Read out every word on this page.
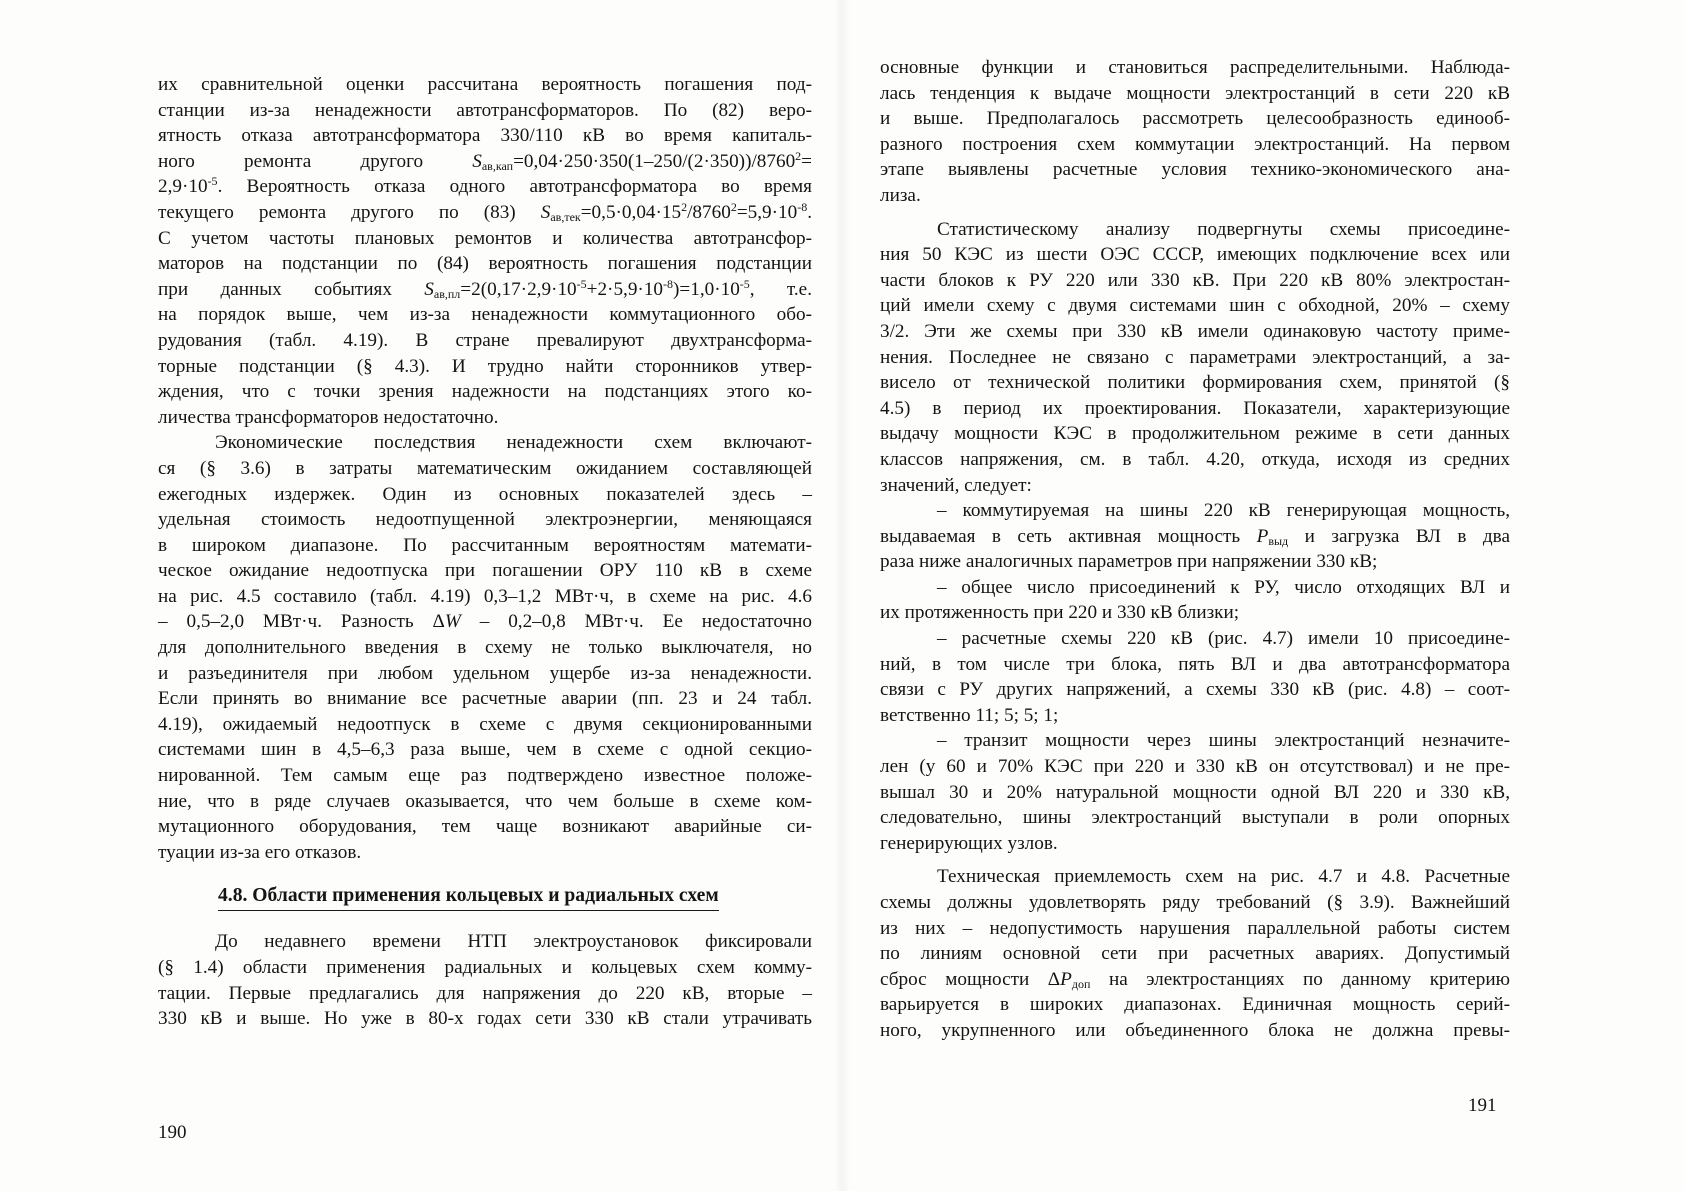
их сравнительной оценки рассчитана вероятность погашения под-

станции из-за ненадежности автотрансформаторов. По (82) веро-

ятность отказа автотрансформатора 330/110 кВ во время капиталь-

ного ремонта другого $S_{ав,кап}=0,04\cdot 250\cdot 350(1-250/(2\cdot 350))/8760^2=$

$2,9\cdot 10^{-5}$. Вероятность отказа одного автотрансформатора во время

текущего ремонта другого по (83) $S_{ав,тек}=0,5\cdot 0,04\cdot 15^2/8760^2=5,9\cdot 10^{-8}$.

С учетом частоты плановых ремонтов и количества автотрансфор-

маторов на подстанции по (84) вероятность погашения подстанции

при данных событиях $S_{ав,пл}=2(0,17\cdot 2,9\cdot 10^{-5}+2\cdot 5,9\cdot 10^{-8})=1,0\cdot 10^{-5}$, т.е.

на порядок выше, чем из-за ненадежности коммутационного обо-

рудования (табл. 4.19). В стране превалируют двухтрансформа-

торные подстанции (§ 4.3). И трудно найти сторонников утвер-

ждения, что с точки зрения надежности на подстанциях этого ко-

личества трансформаторов недостаточно.

Экономические последствия ненадежности схем включают-

ся (§ 3.6) в затраты математическим ожиданием составляющей

ежегодных издержек. Один из основных показателей здесь –

удельная стоимость недоотпущенной электроэнергии, меняющаяся

в широком диапазоне. По рассчитанным вероятностям математи-

ческое ожидание недоотпуска при погашении ОРУ 110 кВ в схеме

на рис. 4.5 составило (табл. 4.19) 0,3–1,2 МВт·ч, в схеме на рис. 4.6

– 0,5–2,0 МВт·ч. Разность ΔW – 0,2–0,8 МВт·ч. Ее недостаточно

для дополнительного введения в схему не только выключателя, но

и разъединителя при любом удельном ущербе из-за ненадежности.

Если принять во внимание все расчетные аварии (пп. 23 и 24 табл.

4.19), ожидаемый недоотпуск в схеме с двумя секционированными

системами шин в 4,5–6,3 раза выше, чем в схеме с одной секцио-

нированной. Тем самым еще раз подтверждено известное положе-

ние, что в ряде случаев оказывается, что чем больше в схеме ком-

мутационного оборудования, тем чаще возникают аварийные си-

туации из-за его отказов.

4.8. Области применения кольцевых и радиальных схем

До недавнего времени НТП электроустановок фиксировали

(§ 1.4) области применения радиальных и кольцевых схем комму-

тации. Первые предлагались для напряжения до 220 кВ, вторые –

330 кВ и выше. Но уже в 80-х годах сети 330 кВ стали утрачивать

190

основные функции и становиться распределительными. Наблюда-

лась тенденция к выдаче мощности электростанций в сети 220 кВ

и выше. Предполагалось рассмотреть целесообразность единооб-

разного построения схем коммутации электростанций. На первом

этапе выявлены расчетные условия технико-экономического ана-

лиза.

Статистическому анализу подвергнуты схемы присоедине-

ния 50 КЭС из шести ОЭС СССР, имеющих подключение всех или

части блоков к РУ 220 или 330 кВ. При 220 кВ 80% электростан-

ций имели схему с двумя системами шин с обходной, 20% – схему

3/2. Эти же схемы при 330 кВ имели одинаковую частоту приме-

нения. Последнее не связано с параметрами электростанций, а за-

висело от технической политики формирования схем, принятой (§

4.5) в период их проектирования. Показатели, характеризующие

выдачу мощности КЭС в продолжительном режиме в сети данных

классов напряжения, см. в табл. 4.20, откуда, исходя из средних

значений, следует:

– коммутируемая на шины 220 кВ генерирующая мощность,

выдаваемая в сеть активная мощность $P_{выд}$ и загрузка ВЛ в два

раза ниже аналогичных параметров при напряжении 330 кВ;

– общее число присоединений к РУ, число отходящих ВЛ и

их протяженность при 220 и 330 кВ близки;

– расчетные схемы 220 кВ (рис. 4.7) имели 10 присоедине-

ний, в том числе три блока, пять ВЛ и два автотрансформатора

связи с РУ других напряжений, а схемы 330 кВ (рис. 4.8) – соот-

ветственно 11; 5; 5; 1;

– транзит мощности через шины электростанций незначите-

лен (у 60 и 70% КЭС при 220 и 330 кВ он отсутствовал) и не пре-

вышал 30 и 20% натуральной мощности одной ВЛ 220 и 330 кВ,

следовательно, шины электростанций выступали в роли опорных

генерирующих узлов.

Техническая приемлемость схем на рис. 4.7 и 4.8. Расчетные

схемы должны удовлетворять ряду требований (§ 3.9). Важнейший

из них – недопустимость нарушения параллельной работы систем

по линиям основной сети при расчетных авариях. Допустимый

сброс мощности $\Delta P_{доп}$ на электростанциях по данному критерию

варьируется в широких диапазонах. Единичная мощность серий-

ного, укрупненного или объединенного блока не должна превы-

191
